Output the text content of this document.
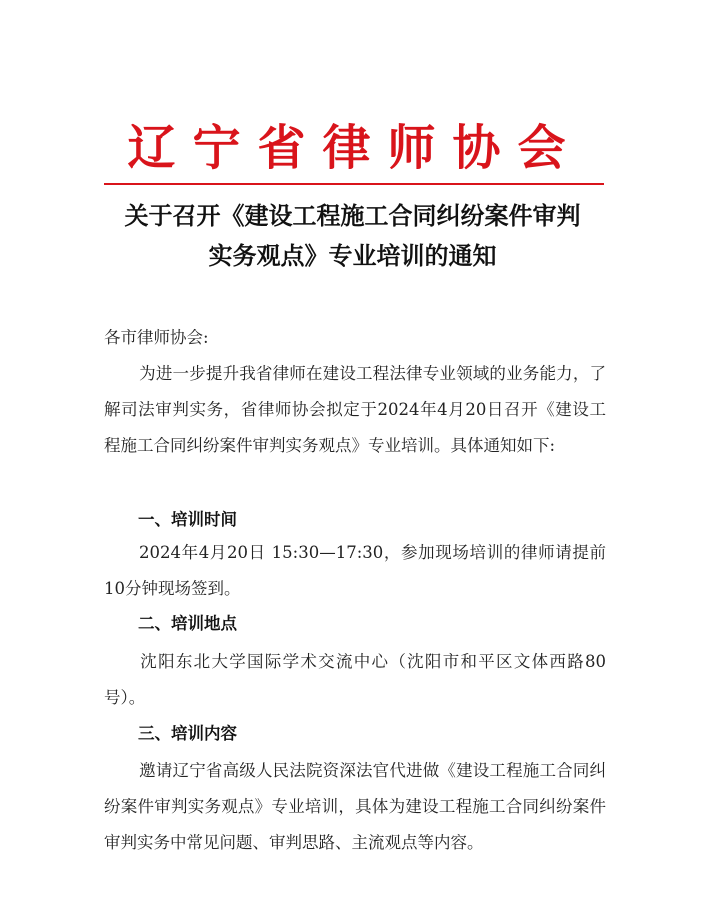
辽宁省律师协会
关于召开《建设工程施工合同纠纷案件审判
实务观点》专业培训的通知
各市律师协会:
为进一步提升我省律师在建设工程法律专业领域的业务能力，了解司法审判实务，省律师协会拟定于2024年4月20日召开《建设工程施工合同纠纷案件审判实务观点》专业培训。具体通知如下:
一、培训时间
2024年4月20日 15:30—17:30，参加现场培训的律师请提前10分钟现场签到。
二、培训地点
沈阳东北大学国际学术交流中心（沈阳市和平区文体西路80号）。
三、培训内容
邀请辽宁省高级人民法院资深法官代进做《建设工程施工合同纠纷案件审判实务观点》专业培训，具体为建设工程施工合同纠纷案件审判实务中常见问题、审判思路、主流观点等内容。
